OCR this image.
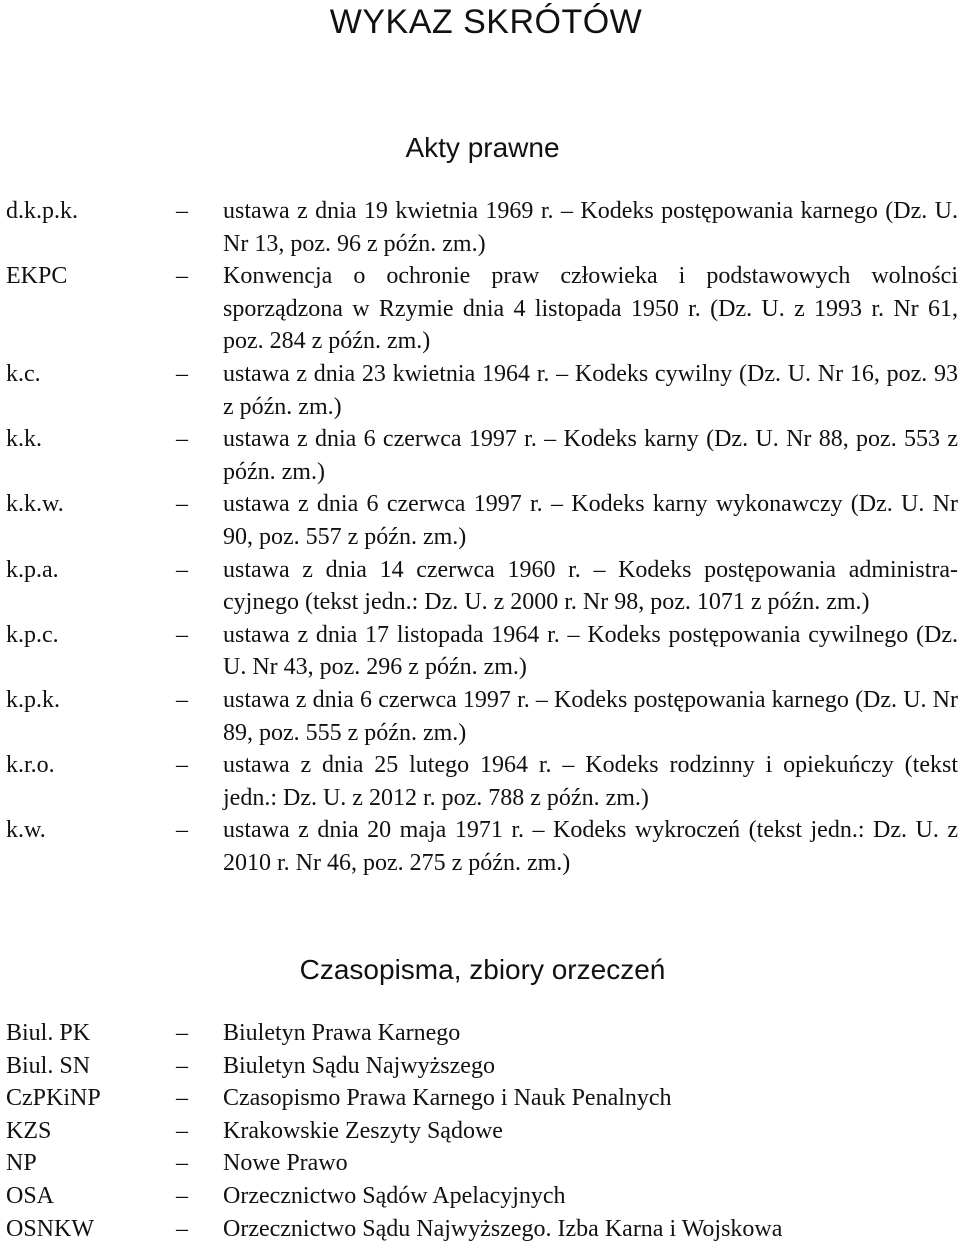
WYKAZ SKRÓTÓW
Akty prawne
d.k.p.k.	– ustawa z dnia 19 kwietnia 1969 r. – Kodeks postępowania karnego (Dz. U. Nr 13, poz. 96 z późn. zm.)
EKPC	– Konwencja o ochronie praw człowieka i podstawowych wolności sporządzona w Rzymie dnia 4 listopada 1950 r. (Dz. U. z 1993 r. Nr 61, poz. 284 z późn. zm.)
k.c.	– ustawa z dnia 23 kwietnia 1964 r. – Kodeks cywilny (Dz. U. Nr 16, poz. 93 z późn. zm.)
k.k.	– ustawa z dnia 6 czerwca 1997 r. – Kodeks karny (Dz. U. Nr 88, poz. 553 z późn. zm.)
k.k.w.	– ustawa z dnia 6 czerwca 1997 r. – Kodeks karny wykonawczy (Dz. U. Nr 90, poz. 557 z późn. zm.)
k.p.a.	– ustawa z dnia 14 czerwca 1960 r. – Kodeks postępowania administracyjnego (tekst jedn.: Dz. U. z 2000 r. Nr 98, poz. 1071 z późn. zm.)
k.p.c.	– ustawa z dnia 17 listopada 1964 r. – Kodeks postępowania cywilnego (Dz. U. Nr 43, poz. 296 z późn. zm.)
k.p.k.	– ustawa z dnia 6 czerwca 1997 r. – Kodeks postępowania karnego (Dz. U. Nr 89, poz. 555 z późn. zm.)
k.r.o.	– ustawa z dnia 25 lutego 1964 r. – Kodeks rodzinny i opiekuńczy (tekst jedn.: Dz. U. z 2012 r. poz. 788 z późn. zm.)
k.w.	– ustawa z dnia 20 maja 1971 r. – Kodeks wykroczeń (tekst jedn.: Dz. U. z 2010 r. Nr 46, poz. 275 z późn. zm.)
Czasopisma, zbiory orzeczeń
Biul. PK	– Biuletyn Prawa Karnego
Biul. SN	– Biuletyn Sądu Najwyższego
CzPKiNP	– Czasopismo Prawa Karnego i Nauk Penalnych
KZS	– Krakowskie Zeszyty Sądowe
NP	– Nowe Prawo
OSA	– Orzecznictwo Sądów Apelacyjnych
OSNKW	– Orzecznictwo Sądu Najwyższego. Izba Karna i Wojskowa
